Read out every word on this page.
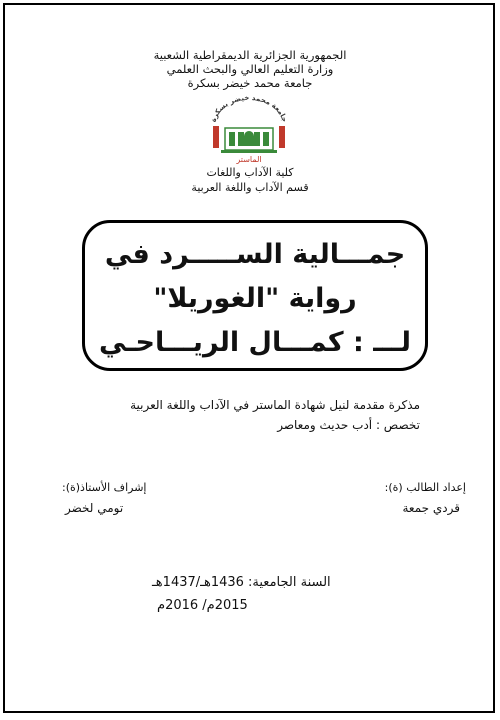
الجمهورية الجزائرية الديمقراطية الشعبية
وزارة التعليم العالي والبحث العلمي
جامعة محمد خيضر بسكرة
جامعة محمد خيضر بسكرة
الماستر
كلية الآداب واللغات
قسم الآداب واللغة العربية
جمـــالية الســـــرد في
رواية "الغوريلا"
لـــ : كمـــال الريـــاحـي
مذكرة مقدمة لنيل شهادة الماستر في الآداب واللغة العربية
تخصص : أدب حديث ومعاصر
إعداد الطالب (ة):
قردي جمعة
إشراف الأستاذ(ة):
تومي لخضر
السنة الجامعية: 1436هـ/1437هـ
2015م/ 2016م
